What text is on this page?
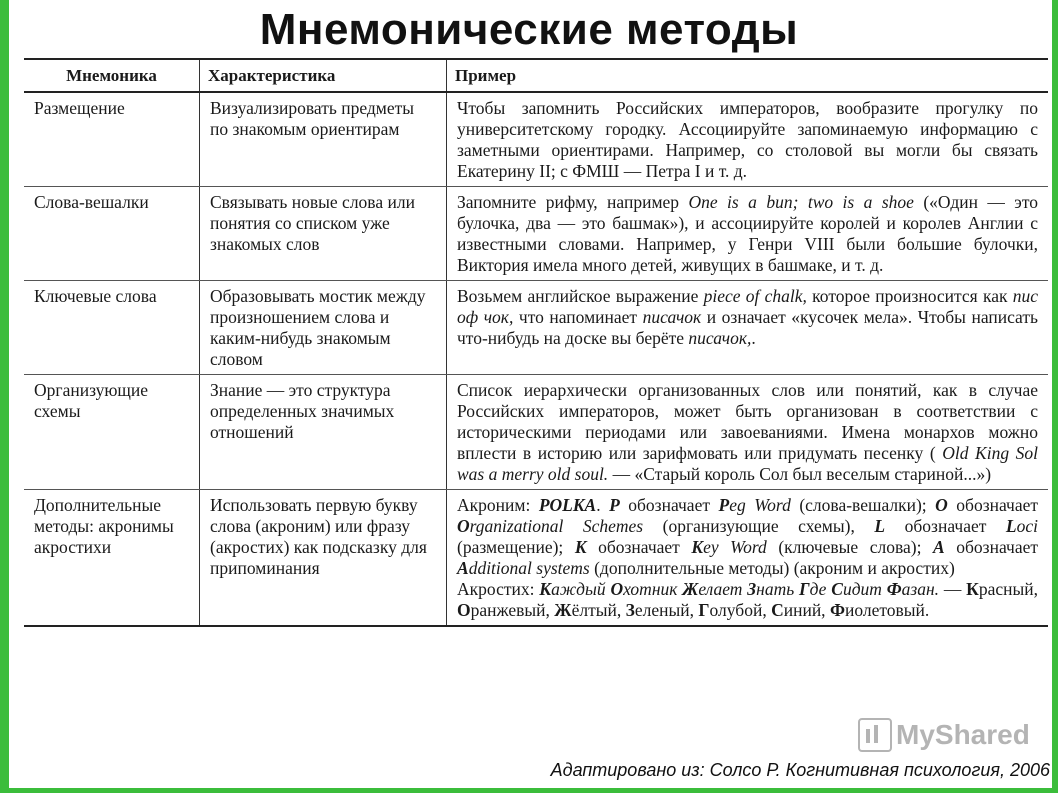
Мнемонические методы
Мнемоника	Характеристика	Пример
Размещение	Визуализировать предметы по знакомым ориентирам	Чтобы запомнить Российских императоров, вообразите прогулку по университетскому городку. Ассоциируйте запоминаемую информацию с заметными ориентирами. Например, со столовой вы могли бы связать Екатерину II; с ФМШ — Петра I и т. д.
Слова-вешалки	Связывать новые слова или понятия со списком уже знакомых слов	Запомните рифму, например One is a bun; two is a shoe («Один — это булочка, два — это башмак»), и ассоциируйте королей и королев Англии с известными словами. Например, у Генри VIII были большие булочки, Виктория имела много детей, живущих в башмаке, и т. д.
Ключевые слова	Образовывать мостик между произношением слова и каким-нибудь знакомым словом	Возьмем английское выражение piece of chalk, которое произносится как пис оф чок, что напоминает писачок и означает «кусочек мела». Чтобы написать что-нибудь на доске вы берёте писачок,.
Организующие схемы	Знание — это структура определенных значимых отношений	Список иерархически организованных слов или понятий, как в случае Российских императоров, может быть организован в соответствии с историческими периодами или завоеваниями. Имена монархов можно вплести в историю или зарифмовать или придумать песенку ( Old King Sol was a merry old soul. — «Старый король Сол был веселым стариной...»)
Дополнительные методы: акронимы акростихи	Использовать первую букву слова (акроним) или фразу (акростих) как подсказку для припоминания	Акроним: POLKA. P обозначает Peg Word (слова-вешалки); O обозначает Organizational Schemes (организующие схемы), L обозначает Loci (размещение); K обозначает Key Word (ключевые слова); A обозначает Additional systems (дополнительные методы) (акроним и акростих)
Акростих: Каждый Охотник Желает Знать Где Сидит Фазан. — Красный, Оранжевый, Жёлтый, Зеленый, Голубой, Синий, Фиолетовый.
MyShared
Адаптировано из: Солсо Р. Когнитивная психология, 2006
